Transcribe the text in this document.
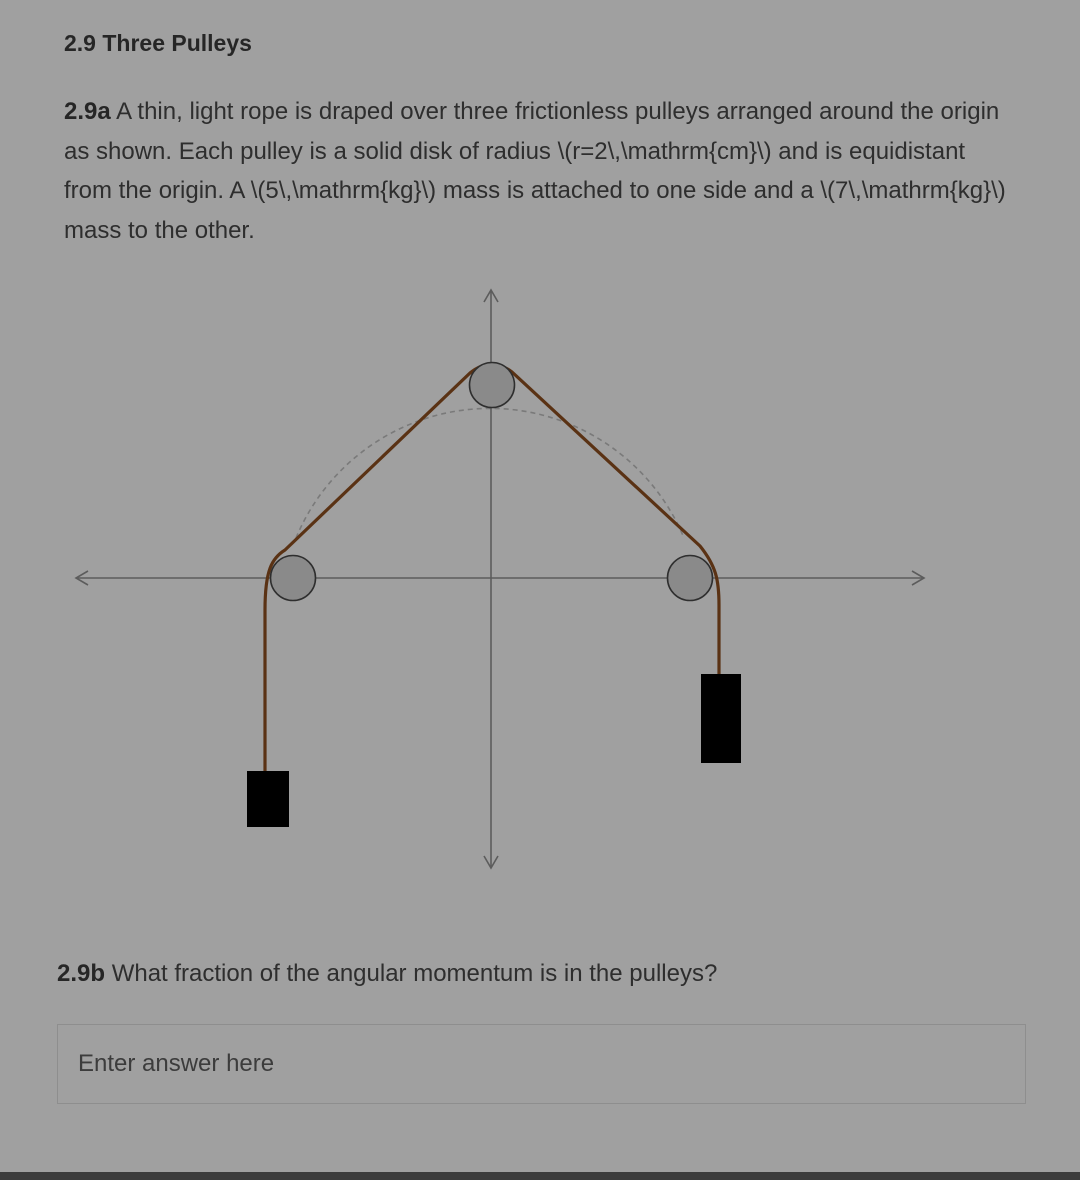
2.9 Three Pulleys

2.9a A thin, light rope is draped over three frictionless pulleys arranged around the origin as shown. Each pulley is a solid disk of radius \(r=2\,\mathrm{cm}\) and is equidistant from the origin. A \(5\,\mathrm{kg}\) mass is attached to one side and a \(7\,\mathrm{kg}\) mass to the other.

2.9b What fraction of the angular momentum is in the pulleys?

Enter answer here
